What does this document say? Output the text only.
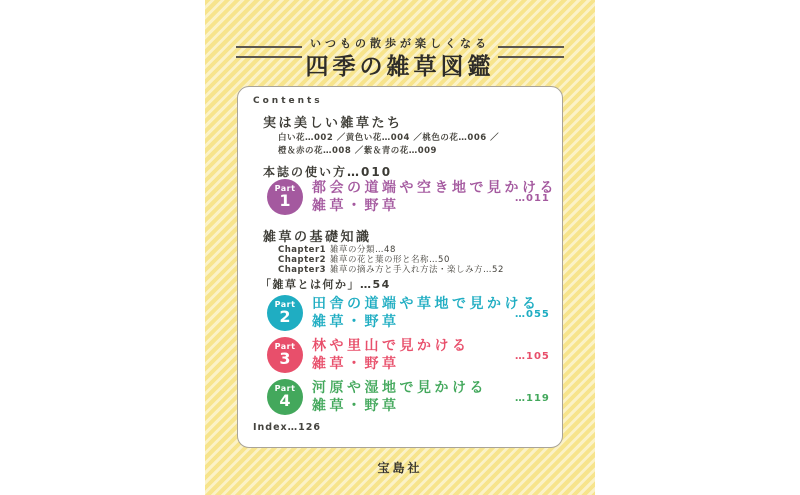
いつもの散歩が楽しくなる
四季の雑草図鑑
Contents
実は美しい雑草たち
白い花…002 ／黄色い花…004 ／桃色の花…006 ／
橙＆赤の花…008 ／紫＆青の花…009
本誌の使い方…010
Part
1
都会の道端や空き地で見かける
雑草・野草	…011
雑草の基礎知識
Chapter1 雑草の分類…48
Chapter2 雑草の花と葉の形と名称…50
Chapter3 雑草の摘み方と手入れ方法・楽しみ方…52
「雑草とは何か」…54
Part
2
田舎の道端や草地で見かける
雑草・野草	…055
Part
3
林や里山で見かける
雑草・野草	…105
Part
4
河原や湿地で見かける
雑草・野草	…119
Index…126
宝島社
